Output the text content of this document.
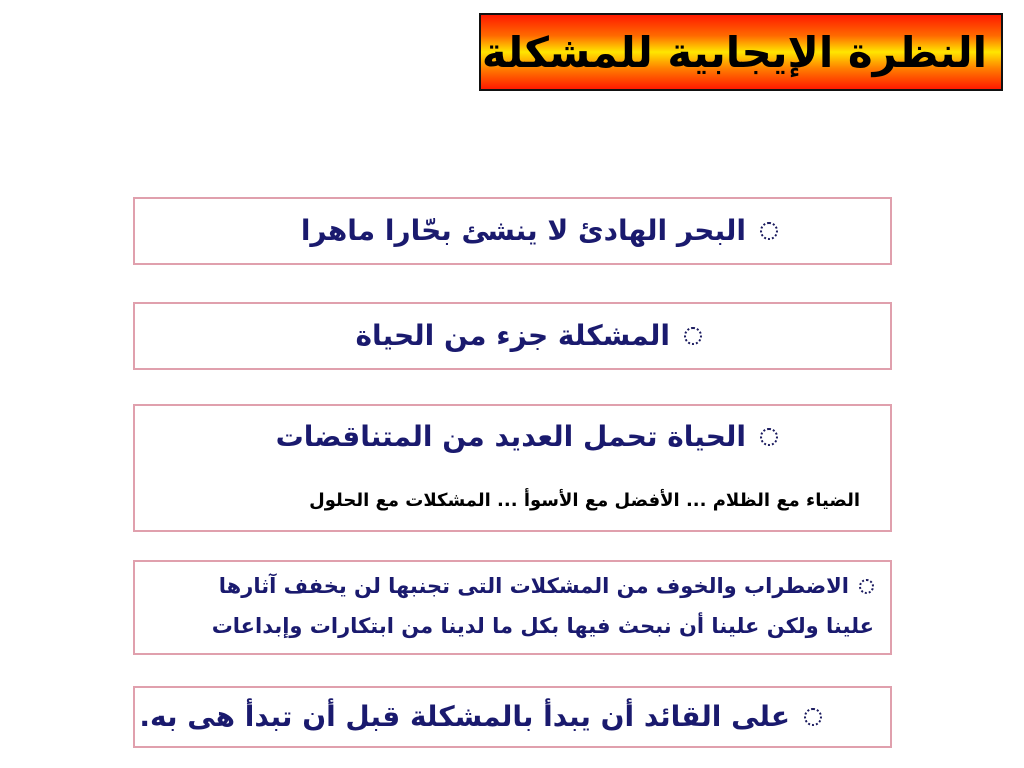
النظرة الإيجابية للمشكلة
البحر الهادئ لا ينشئ بحّارا ماهرا
المشكلة جزء من الحياة
الحياة تحمل العديد من المتناقضات
الضياء مع الظلام ... الأفضل مع الأسوأ ... المشكلات مع الحلول
الاضطراب والخوف من المشكلات التى تجنبها لن يخفف آثارها
علينا ولكن علينا أن نبحث فيها بكل ما لدينا من ابتكارات وإبداعات
على القائد أن يبدأ بالمشكلة قبل أن تبدأ هى به.
